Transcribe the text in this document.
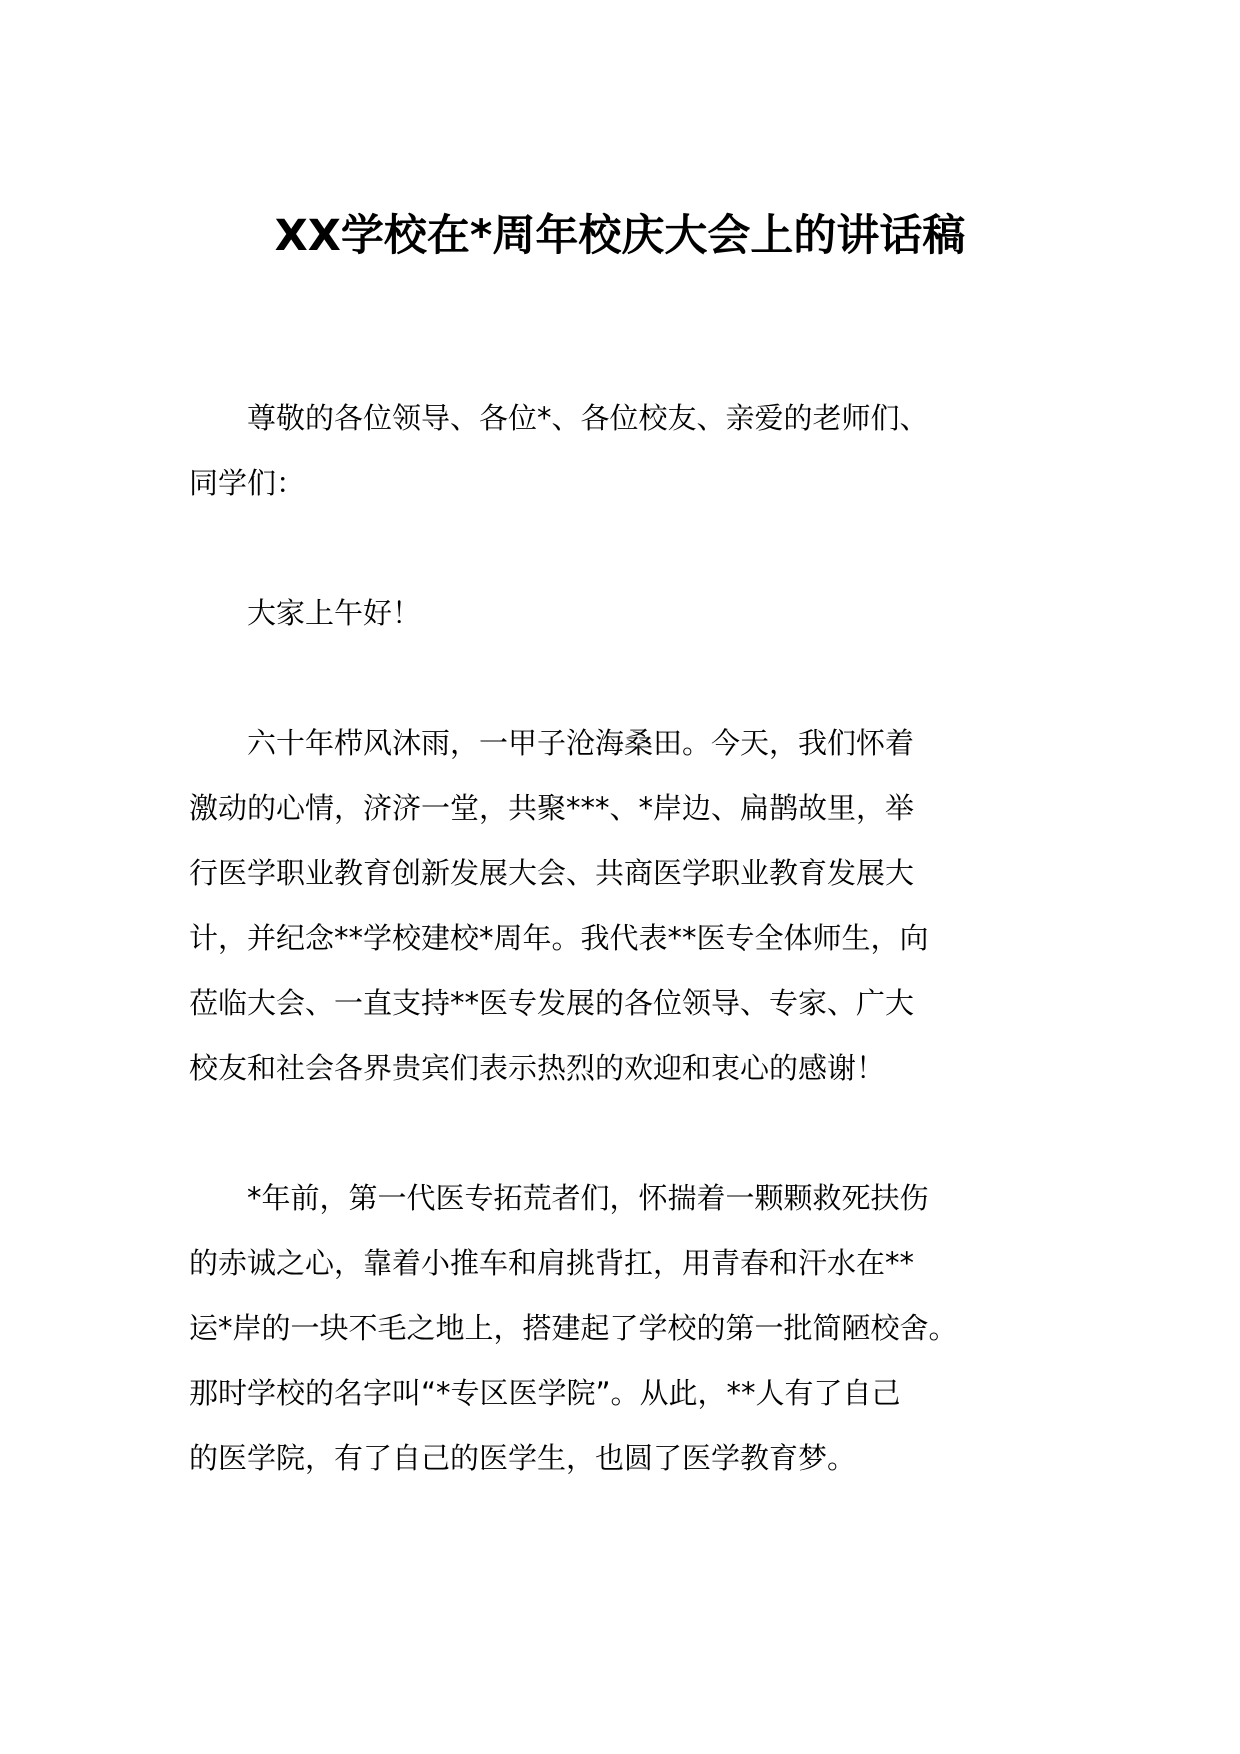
XX学校在*周年校庆大会上的讲话稿

尊敬的各位领导、各位*、各位校友、亲爱的老师们、
同学们：

大家上午好！

六十年栉风沐雨，一甲子沧海桑田。今天，我们怀着
激动的心情，济济一堂，共聚***、*岸边、扁鹊故里，举
行医学职业教育创新发展大会、共商医学职业教育发展大
计，并纪念**学校建校*周年。我代表**医专全体师生，向
莅临大会、一直支持**医专发展的各位领导、专家、广大
校友和社会各界贵宾们表示热烈的欢迎和衷心的感谢！

*年前，第一代医专拓荒者们，怀揣着一颗颗救死扶伤
的赤诚之心，靠着小推车和肩挑背扛，用青春和汗水在**
运*岸的一块不毛之地上，搭建起了学校的第一批简陋校舍。
那时学校的名字叫“*专区医学院”。从此，**人有了自己
的医学院，有了自己的医学生，也圆了医学教育梦。
